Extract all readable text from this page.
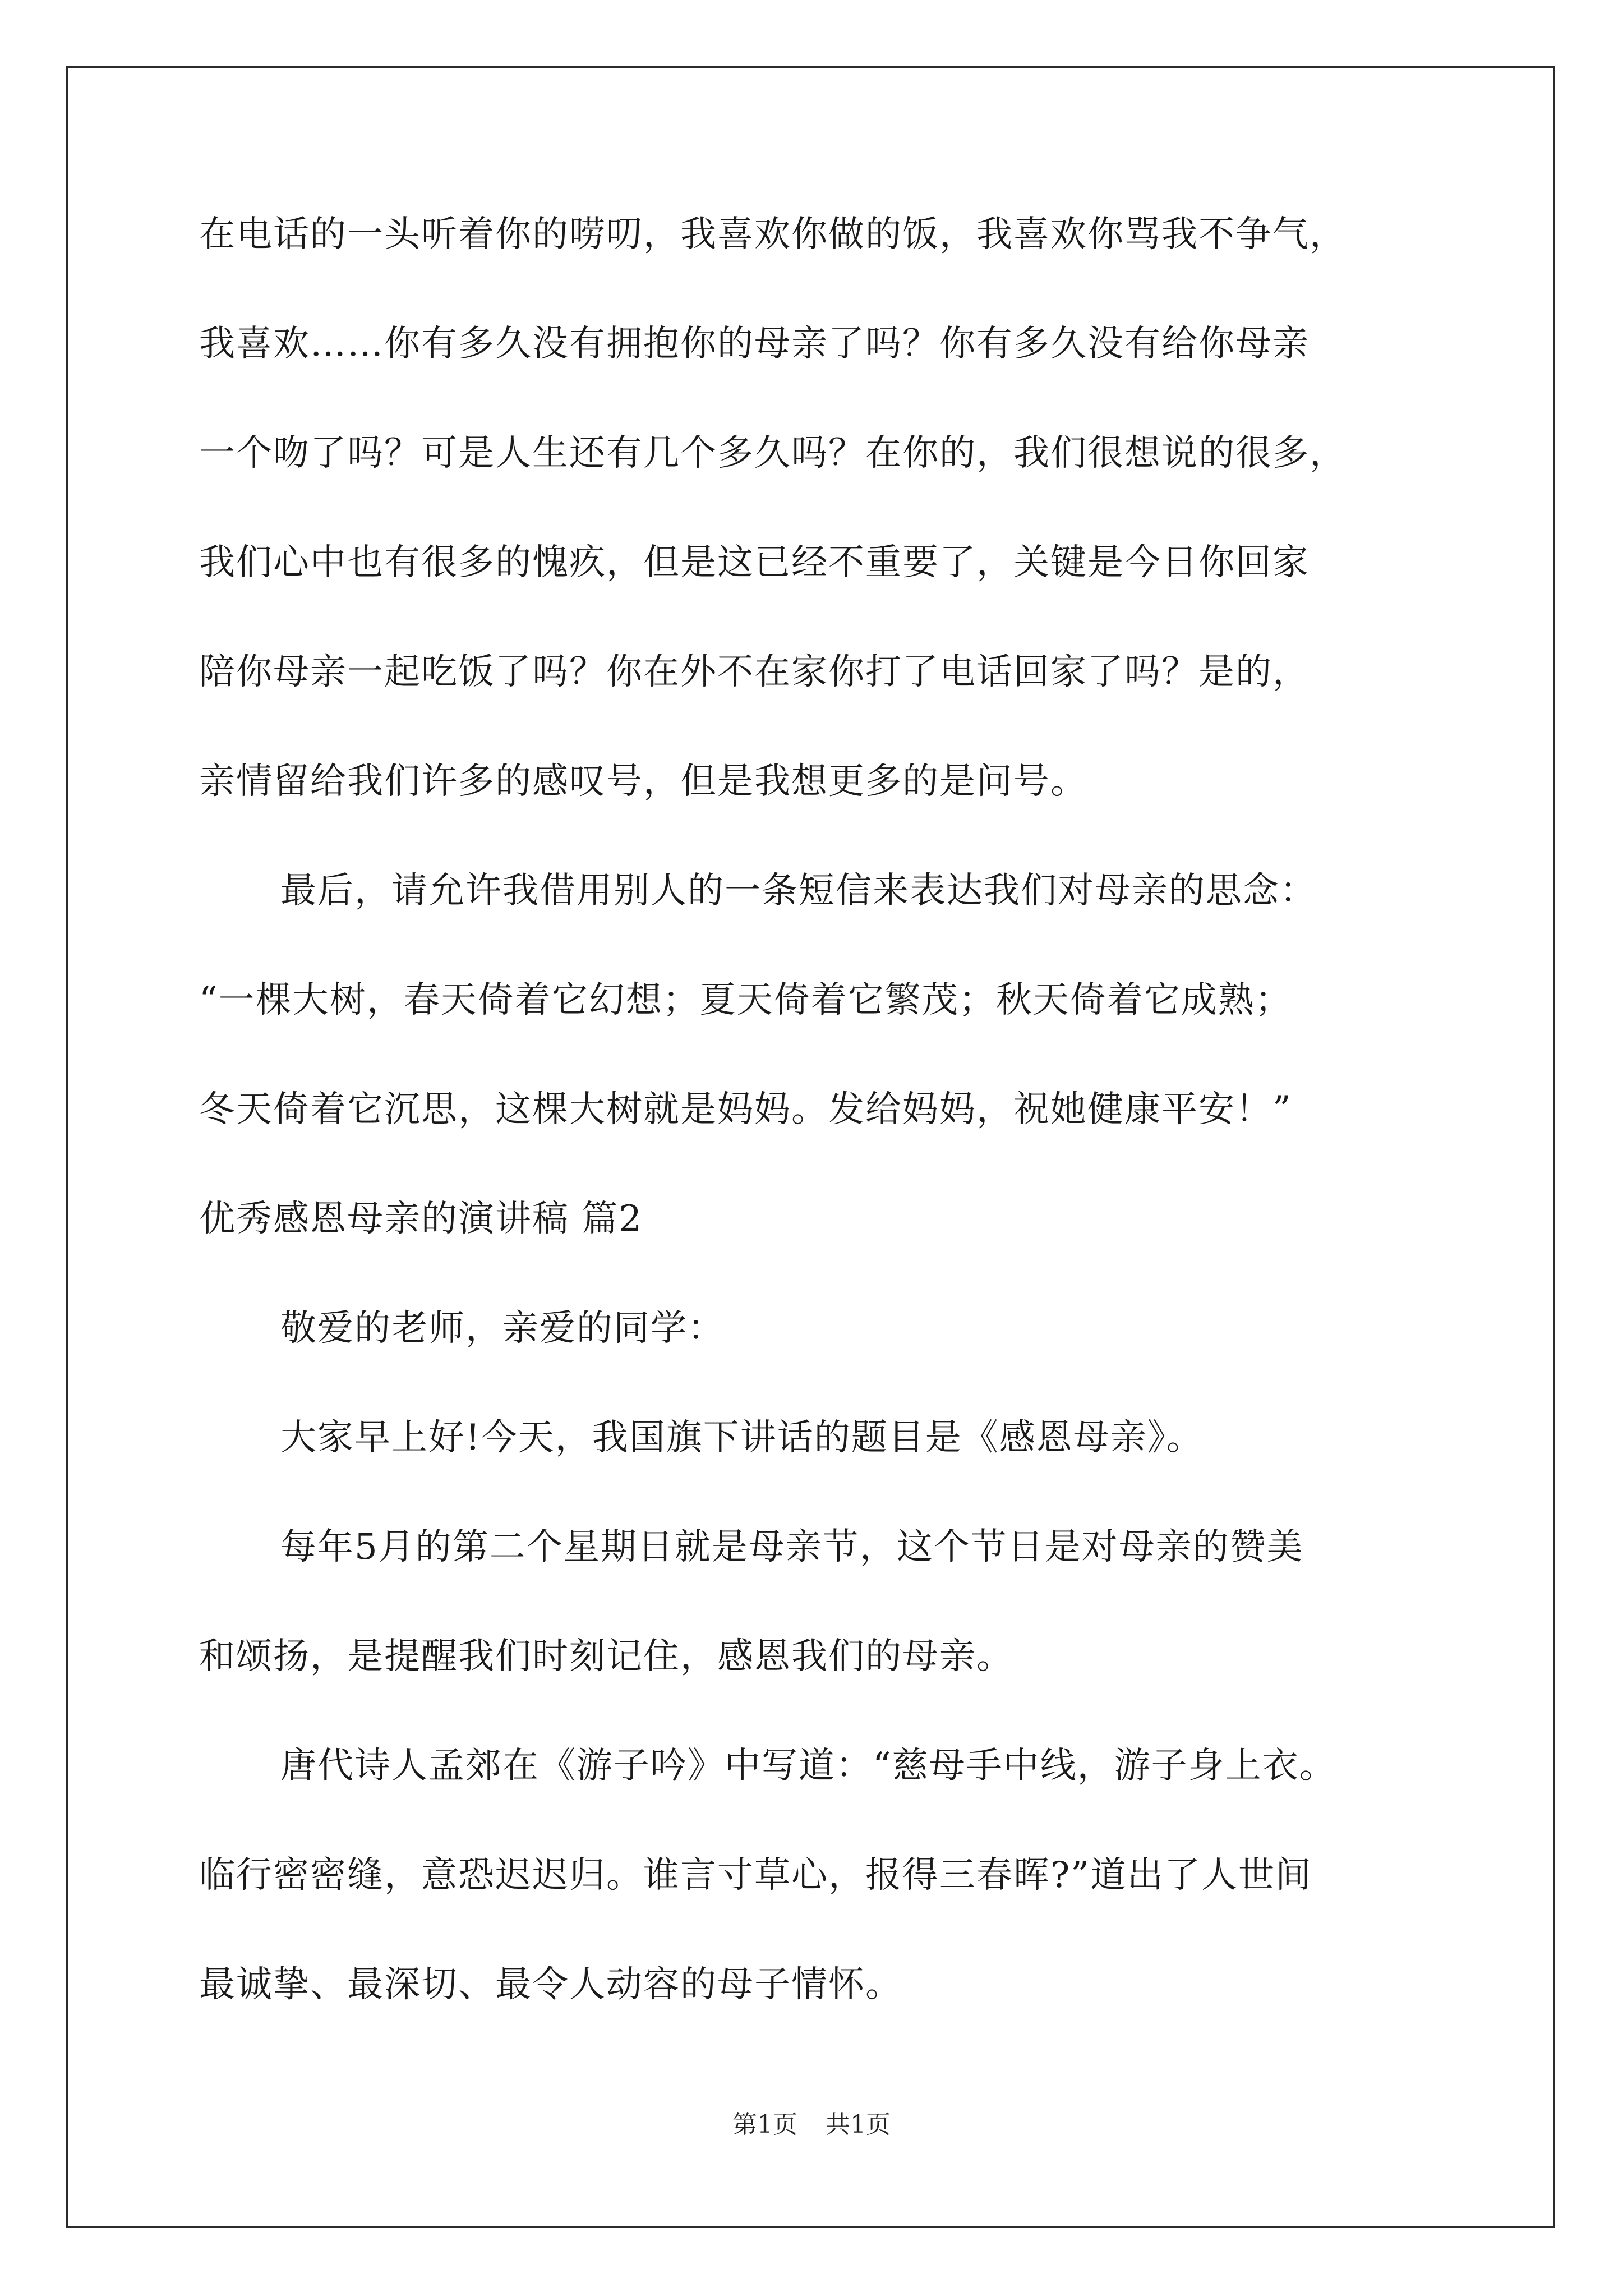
在电话的一头听着你的唠叨，我喜欢你做的饭，我喜欢你骂我不争气，
我喜欢……你有多久没有拥抱你的母亲了吗？你有多久没有给你母亲
一个吻了吗？可是人生还有几个多久吗？在你的，我们很想说的很多，
我们心中也有很多的愧疚，但是这已经不重要了，关键是今日你回家
陪你母亲一起吃饭了吗？你在外不在家你打了电话回家了吗？是的，
亲情留给我们许多的感叹号，但是我想更多的是问号。
最后，请允许我借用别人的一条短信来表达我们对母亲的思念：
“一棵大树，春天倚着它幻想；夏天倚着它繁茂；秋天倚着它成熟；
冬天倚着它沉思，这棵大树就是妈妈。发给妈妈，祝她健康平安！”
优秀感恩母亲的演讲稿 篇2
敬爱的老师，亲爱的同学：
大家早上好!今天，我国旗下讲话的题目是《感恩母亲》。
每年5月的第二个星期日就是母亲节，这个节日是对母亲的赞美
和颂扬，是提醒我们时刻记住，感恩我们的母亲。
唐代诗人孟郊在《游子吟》中写道：“慈母手中线，游子身上衣。
临行密密缝，意恐迟迟归。谁言寸草心，报得三春晖?”道出了人世间
最诚挚、最深切、最令人动容的母子情怀。
第1页 共1页
